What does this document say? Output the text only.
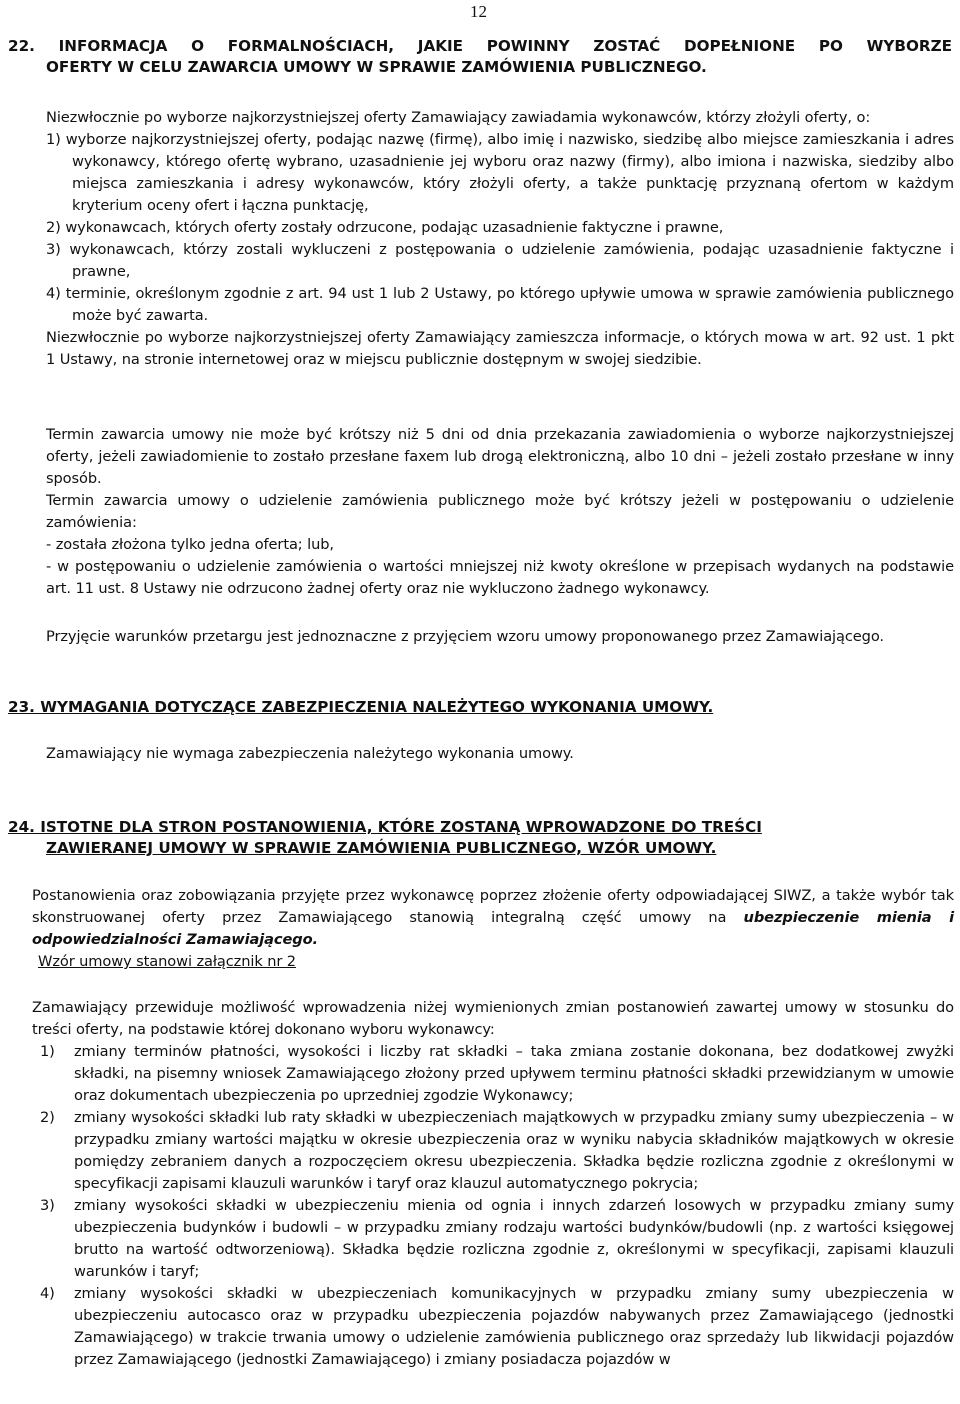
12

22. INFORMACJA O FORMALNOŚCIACH, JAKIE POWINNY ZOSTAĆ DOPEŁNIONE PO WYBORZE

OFERTY W CELU ZAWARCIA UMOWY W SPRAWIE ZAMÓWIENIA PUBLICZNEGO.

Niezwłocznie po wyborze najkorzystniejszej oferty Zamawiający zawiadamia wykonawców, którzy złożyli oferty, o:

1) wyborze najkorzystniejszej oferty, podając nazwę (firmę), albo imię i nazwisko, siedzibę albo miejsce zamieszkania i adres wykonawcy, którego ofertę wybrano, uzasadnienie jej wyboru oraz nazwy (firmy), albo imiona i nazwiska, siedziby albo miejsca zamieszkania i adresy wykonawców, który złożyli oferty, a także punktację przyznaną ofertom w każdym kryterium oceny ofert i łączna punktację,

2) wykonawcach, których oferty zostały odrzucone, podając uzasadnienie faktyczne i prawne,

3) wykonawcach, którzy zostali wykluczeni z postępowania o udzielenie zamówienia, podając uzasadnienie faktyczne i prawne,

4) terminie, określonym zgodnie z art. 94 ust 1 lub 2 Ustawy, po którego upływie umowa w sprawie zamówienia publicznego może być zawarta.

Niezwłocznie po wyborze najkorzystniejszej oferty Zamawiający zamieszcza informacje, o których mowa w art. 92 ust. 1 pkt 1 Ustawy, na stronie internetowej oraz w miejscu publicznie dostępnym w swojej siedzibie.

Termin zawarcia umowy nie może być krótszy niż 5 dni od dnia przekazania zawiadomienia o wyborze najkorzystniejszej oferty, jeżeli zawiadomienie to zostało przesłane faxem lub drogą elektroniczną, albo 10 dni – jeżeli zostało przesłane w inny sposób.

Termin zawarcia umowy o udzielenie zamówienia publicznego może być krótszy jeżeli w postępowaniu o udzielenie zamówienia:

- została złożona tylko jedna oferta; lub,

- w postępowaniu o udzielenie zamówienia o wartości mniejszej niż kwoty określone w przepisach wydanych na podstawie art. 11 ust. 8 Ustawy nie odrzucono żadnej oferty oraz nie wykluczono żadnego wykonawcy.

Przyjęcie warunków przetargu jest jednoznaczne z przyjęciem wzoru umowy proponowanego przez Zamawiającego.

23. WYMAGANIA DOTYCZĄCE ZABEZPIECZENIA NALEŻYTEGO WYKONANIA UMOWY.
Zamawiający nie wymaga zabezpieczenia należytego wykonania umowy.

24. ISTOTNE DLA STRON POSTANOWIENIA, KTÓRE ZOSTANĄ WPROWADZONE DO TREŚCI

ZAWIERANEJ UMOWY W SPRAWIE ZAMÓWIENIA PUBLICZNEGO, WZÓR UMOWY.

Postanowienia oraz zobowiązania przyjęte przez wykonawcę poprzez złożenie oferty odpowiadającej SIWZ, a także wybór tak skonstruowanej oferty przez Zamawiającego stanowią integralną część umowy na ubezpieczenie mienia i odpowiedzialności Zamawiającego.

Wzór umowy stanowi załącznik nr 2

Zamawiający przewiduje możliwość wprowadzenia niżej wymienionych zmian postanowień zawartej umowy w stosunku do treści oferty, na podstawie której dokonano wyboru wykonawcy:

1) zmiany terminów płatności, wysokości i liczby rat składki – taka zmiana zostanie dokonana, bez dodatkowej zwyżki składki, na pisemny wniosek Zamawiającego złożony przed upływem terminu płatności składki przewidzianym w umowie oraz dokumentach ubezpieczenia po uprzedniej zgodzie Wykonawcy;

2) zmiany wysokości składki lub raty składki w ubezpieczeniach majątkowych w przypadku zmiany sumy ubezpieczenia – w przypadku zmiany wartości majątku w okresie ubezpieczenia oraz w wyniku nabycia składników majątkowych w okresie pomiędzy zebraniem danych a rozpoczęciem okresu ubezpieczenia. Składka będzie rozliczna zgodnie z określonymi w specyfikacji zapisami klauzuli warunków i taryf oraz klauzul automatycznego pokrycia;

3) zmiany wysokości składki w ubezpieczeniu mienia od ognia i innych zdarzeń losowych w przypadku zmiany sumy ubezpieczenia budynków i budowli – w przypadku zmiany rodzaju wartości budynków/budowli (np. z wartości księgowej brutto na wartość odtworzeniową). Składka będzie rozliczna zgodnie z, określonymi w specyfikacji, zapisami klauzuli warunków i taryf;

4) zmiany wysokości składki w ubezpieczeniach komunikacyjnych w przypadku zmiany sumy ubezpieczenia w ubezpieczeniu autocasco oraz w przypadku ubezpieczenia pojazdów nabywanych przez Zamawiającego (jednostki Zamawiającego) w trakcie trwania umowy o udzielenie zamówienia publicznego oraz sprzedaży lub likwidacji pojazdów przez Zamawiającego (jednostki Zamawiającego) i zmiany posiadacza pojazdów w
